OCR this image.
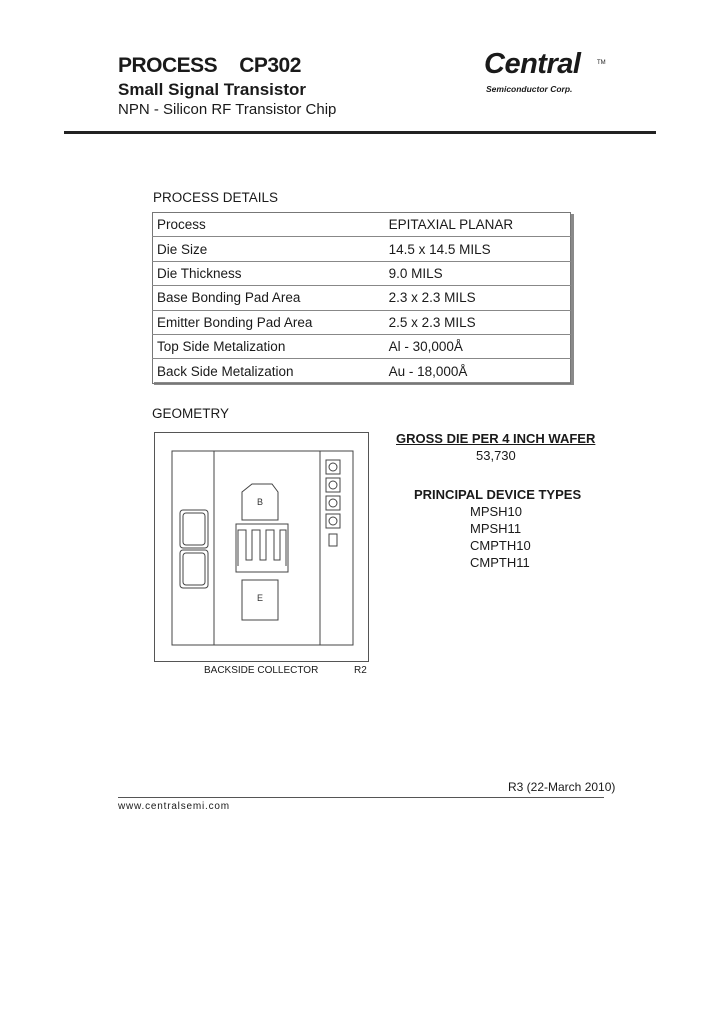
PROCESS CP302
Small Signal Transistor
NPN - Silicon RF Transistor Chip
Central	TM
Semiconductor Corp.
PROCESS DETAILS
Process	EPITAXIAL PLANAR
Die Size	14.5 x 14.5 MILS
Die Thickness	9.0 MILS
Base Bonding Pad Area	2.3 x 2.3 MILS
Emitter Bonding Pad Area	2.5 x 2.3 MILS
Top Side Metalization	Al - 30,000Å
Back Side Metalization	Au - 18,000Å
GEOMETRY
B
E
BACKSIDE COLLECTOR	R2
GROSS DIE PER 4 INCH WAFER
53,730
PRINCIPAL DEVICE TYPES
MPSH10
MPSH11
CMPTH10
CMPTH11
R3 (22-March 2010)
www.centralsemi.com
